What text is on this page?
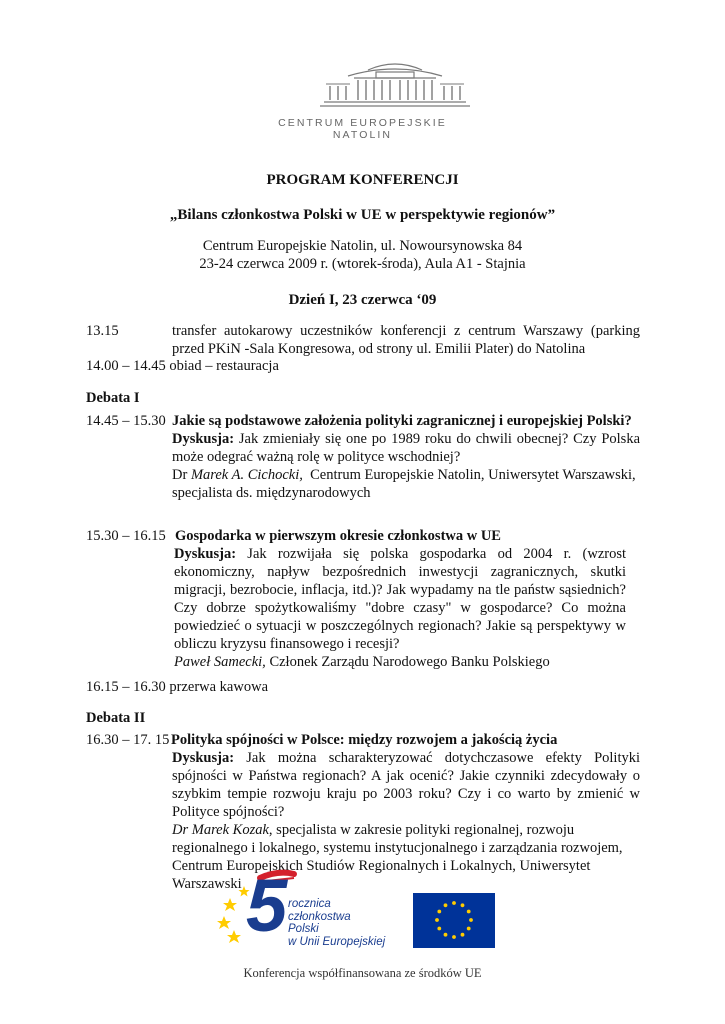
CENTRUM EUROPEJSKIE NATOLIN
PROGRAM KONFERENCJI
„Bilans członkostwa Polski w UE w perspektywie regionów”
Centrum Europejskie Natolin, ul. Nowoursynowska 84
23-24 czerwca 2009 r. (wtorek-środa), Aula A1 - Stajnia
Dzień I, 23 czerwca ‘09
13.15	transfer autokarowy uczestników konferencji z centrum Warszawy (parking przed PKiN -Sala Kongresowa, od strony ul. Emilii Plater) do Natolina
14.00 – 14.45 obiad – restauracja
Debata I
14.45 – 15.30 Jakie są podstawowe założenia polityki zagranicznej i europejskiej Polski?
Dyskusja: Jak zmieniały się one po 1989 roku do chwili obecnej? Czy Polska może odegrać ważną rolę w polityce wschodniej?
Dr Marek A. Cichocki, Centrum Europejskie Natolin, Uniwersytet Warszawski, specjalista ds. międzynarodowych
15.30 – 16.15 Gospodarka w pierwszym okresie członkostwa w UE
Dyskusja: Jak rozwijała się polska gospodarka od 2004 r. (wzrost ekonomiczny, napływ bezpośrednich inwestycji zagranicznych, skutki migracji, bezrobocie, inflacja, itd.)? Jak wypadamy na tle państw sąsiednich? Czy dobrze spożytkowaliśmy "dobre czasy" w gospodarce? Co można powiedzieć o sytuacji w poszczególnych regionach? Jakie są perspektywy w obliczu kryzysu finansowego i recesji?
Paweł Samecki, Członek Zarządu Narodowego Banku Polskiego
16.15 – 16.30 przerwa kawowa
Debata II
16.30 – 17. 15 Polityka spójności w Polsce: między rozwojem a jakością życia
Dyskusja: Jak można scharakteryzować dotychczasowe efekty Polityki spójności w Państwa regionach? A jak ocenić? Jakie czynniki zdecydowały o szybkim tempie rozwoju kraju po 2003 roku? Czy i co warto by zmienić w Polityce spójności?
Dr Marek Kozak, specjalista w zakresie polityki regionalnej, rozwoju regionalnego i lokalnego, systemu instytucjonalnego i zarządzania rozwojem, Centrum Europejskich Studiów Regionalnych i Lokalnych, Uniwersytet Warszawski 5 rocznica
członkostwa
Polski
w Unii Europejskiej
Konferencja współfinansowana ze środków UE
